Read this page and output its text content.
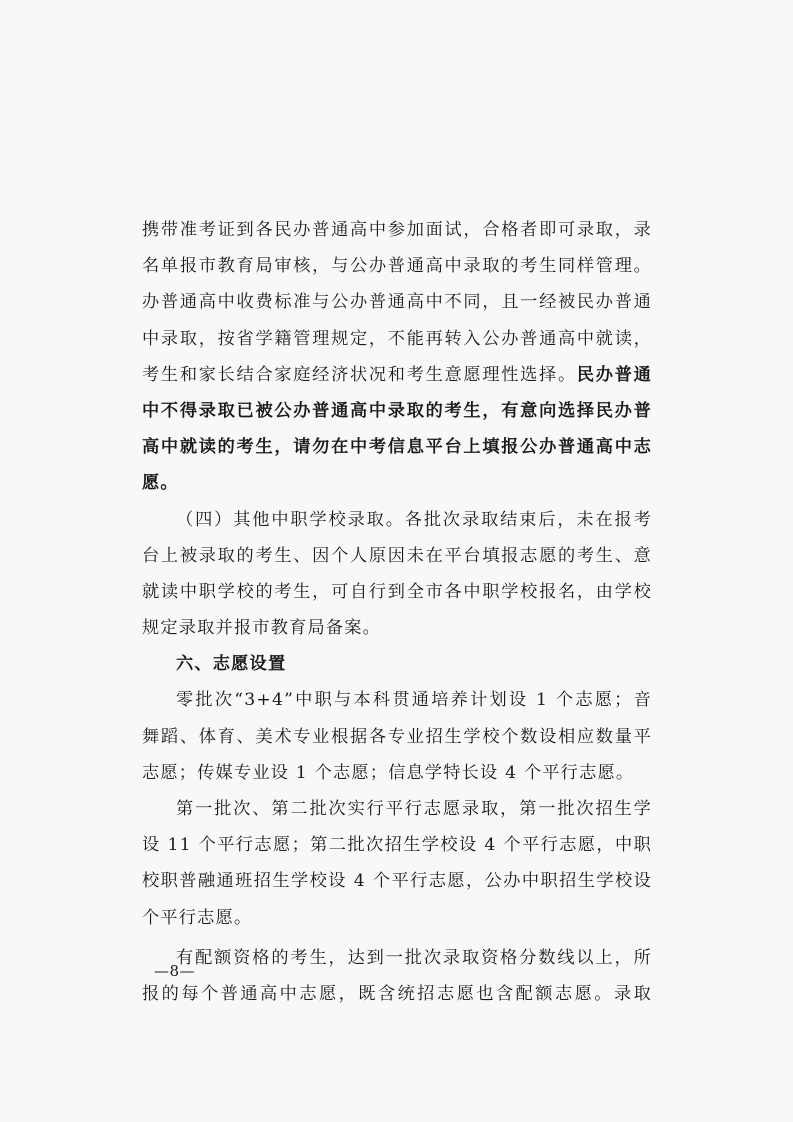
携带准考证到各民办普通高中参加面试，合格者即可录取，录
名单报市教育局审核，与公办普通高中录取的考生同样管理。
办普通高中收费标准与公办普通高中不同，且一经被民办普通
中录取，按省学籍管理规定，不能再转入公办普通高中就读，
考生和家长结合家庭经济状况和考生意愿理性选择。民办普通
中不得录取已被公办普通高中录取的考生，有意向选择民办普
高中就读的考生，请勿在中考信息平台上填报公办普通高中志
愿。
（四）其他中职学校录取。各批次录取结束后，未在报考
台上被录取的考生、因个人原因未在平台填报志愿的考生、意
就读中职学校的考生，可自行到全市各中职学校报名，由学校
规定录取并报市教育局备案。
六、志愿设置
零批次“3+4”中职与本科贯通培养计划设 1 个志愿；音
舞蹈、体育、美术专业根据各专业招生学校个数设相应数量平
志愿；传媒专业设 1 个志愿；信息学特长设 4 个平行志愿。
第一批次、第二批次实行平行志愿录取，第一批次招生学
设 11 个平行志愿；第二批次招生学校设 4 个平行志愿，中职
校职普融通班招生学校设 4 个平行志愿，公办中职招生学校设
个平行志愿。
有配额资格的考生，达到一批次录取资格分数线以上，所
报的每个普通高中志愿，既含统招志愿也含配额志愿。录取
—8—
